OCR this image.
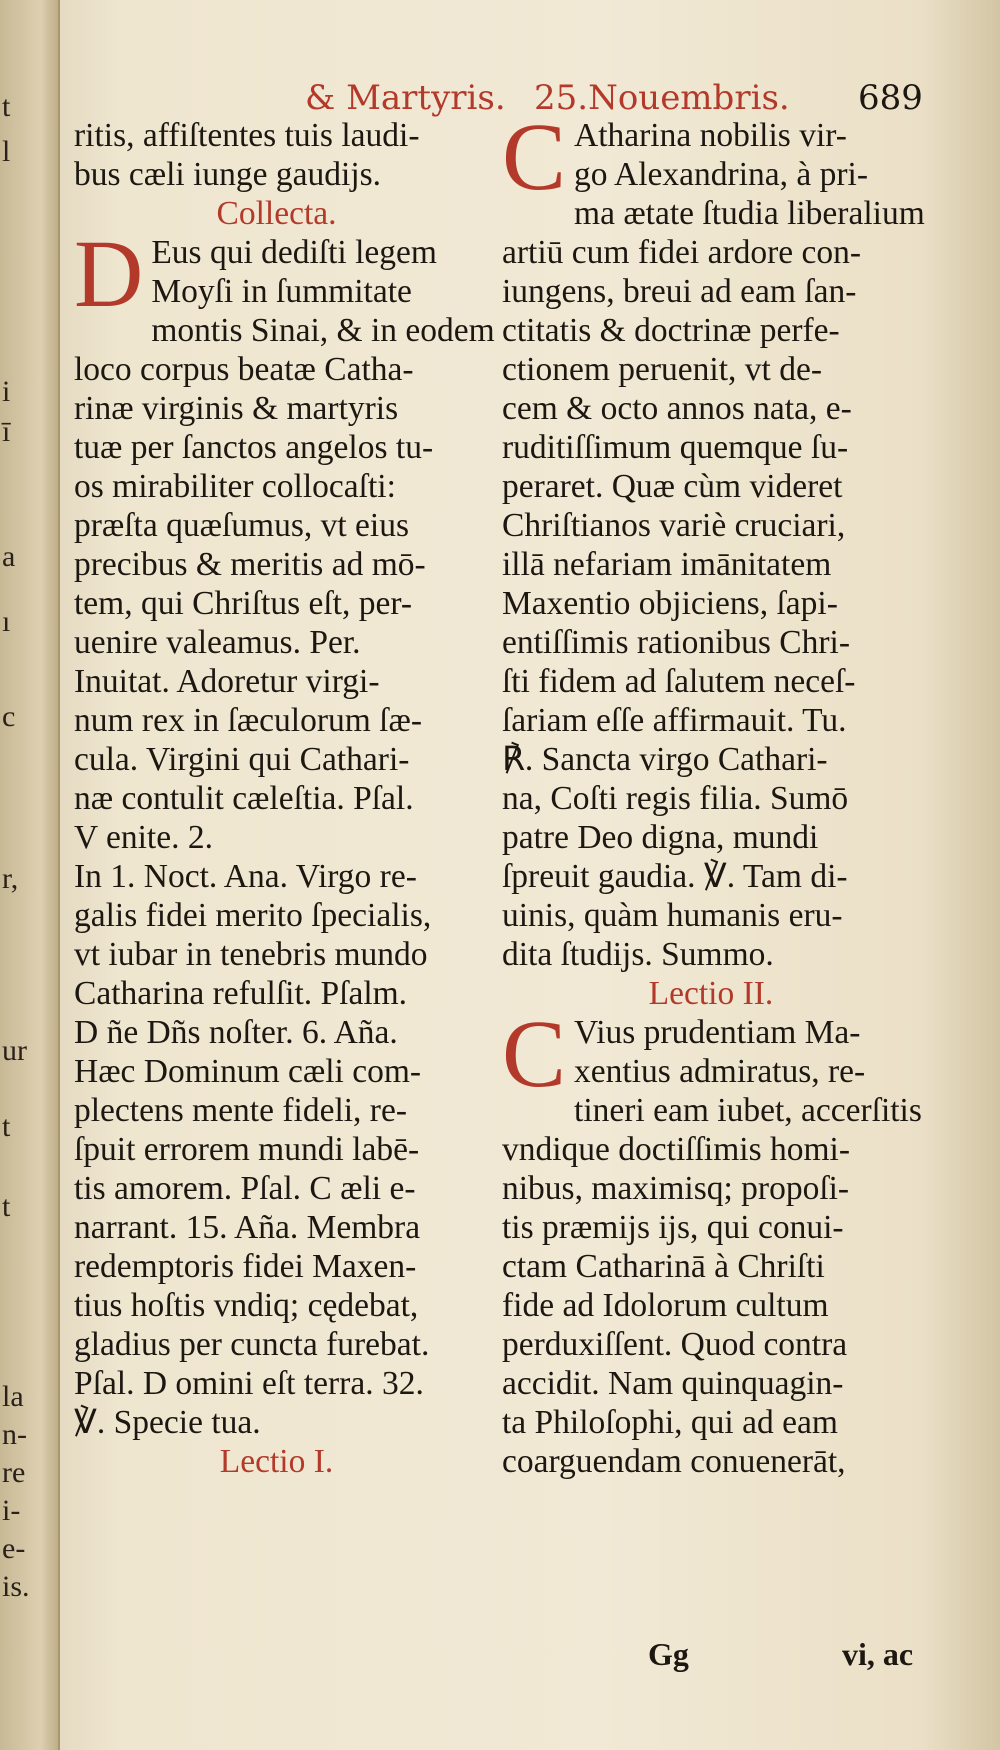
t
l
i
ī
a
ı
c
r,
ur
t
t
la
n-
re
i-
e-
is.
& Martyris. 25.Nouembris. 689
ritis, affiſtentes tuis laudi-
bus cæli iunge gaudijs.
Collecta.
D Eus qui dediſti legem
Moyſi in ſummitate
montis Sinai, & in eodem
loco corpus beatæ Catha-
rinæ virginis & martyris
tuæ per ſanctos angelos tu-
os mirabiliter collocaſti:
præſta quæſumus, vt eius
precibus & meritis ad mō-
tem, qui Chriſtus eſt, per-
uenire valeamus. Per.
Inuitat. Adoretur virgi-
num rex in ſæculorum ſæ-
cula. Virgini qui Cathari-
næ contulit cæleſtia. Pſal.
V enite. 2.
In 1. Noct. Ana. Virgo re-
galis fidei merito ſpecialis,
vt iubar in tenebris mundo
Catharina refulſit. Pſalm.
D ñe Dñs noſter. 6. Aña.
Hæc Dominum cæli com-
plectens mente fideli, re-
ſpuit errorem mundi labē-
tis amorem. Pſal. C æli e-
narrant. 15. Aña. Membra
redemptoris fidei Maxen-
tius hoſtis vndiq; cędebat,
gladius per cuncta furebat.
Pſal. D omini eſt terra. 32.
℣. Specie tua.
Lectio I.
C Atharina nobilis vir-
go Alexandrina, à pri-
ma ætate ſtudia liberalium
artiū cum fidei ardore con-
iungens, breui ad eam ſan-
ctitatis & doctrinæ perfe-
ctionem peruenit, vt de-
cem & octo annos nata, e-
ruditiſſimum quemque ſu-
peraret. Quæ cùm videret
Chriſtianos variè cruciari,
illā nefariam imānitatem
Maxentio objiciens, ſapi-
entiſſimis rationibus Chri-
ſti fidem ad ſalutem neceſ-
ſariam eſſe affirmauit. Tu.
℟. Sancta virgo Cathari-
na, Coſti regis filia. Sumō
patre Deo digna, mundi
ſpreuit gaudia. ℣. Tam di-
uinis, quàm humanis eru-
dita ſtudijs. Summo.
Lectio II.
C Vius prudentiam Ma-
xentius admiratus, re-
tineri eam iubet, accerſitis
vndique doctiſſimis homi-
nibus, maximisq; propoſi-
tis præmijs ijs, qui conui-
ctam Catharinā à Chriſti
fide ad Idolorum cultum
perduxiſſent. Quod contra
accidit. Nam quinquagin-
ta Philoſophi, qui ad eam
coarguendam conuenerāt,
Gg	vi, ac
